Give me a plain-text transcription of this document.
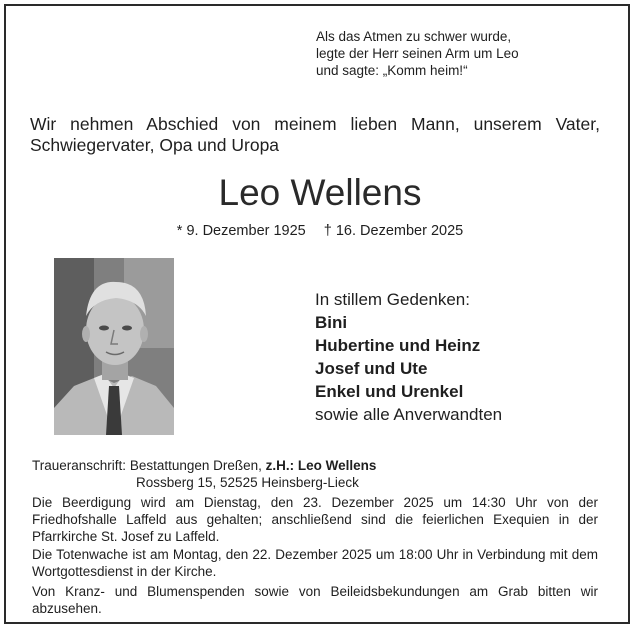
Als das Atmen zu schwer wurde,
legte der Herr seinen Arm um Leo
und sagte: „Komm heim!“
Wir nehmen Abschied von meinem lieben Mann, unserem Vater, Schwiegervater, Opa und Uropa
Leo Wellens
* 9. Dezember 1925 † 16. Dezember 2025
In stillem Gedenken:
Bini
Hubertine und Heinz
Josef und Ute
Enkel und Urenkel
sowie alle Anverwandten
Traueranschrift: Bestattungen Dreßen, z.H.: Leo Wellens
Rossberg 15, 52525 Heinsberg-Lieck
Die Beerdigung wird am Dienstag, den 23. Dezember 2025 um 14:30 Uhr von der Friedhofshalle Laffeld aus gehalten; anschließend sind die feierlichen Exequien in der Pfarrkirche St. Josef zu Laffeld.
Die Totenwache ist am Montag, den 22. Dezember 2025 um 18:00 Uhr in Verbindung mit dem Wortgottesdienst in der Kirche.
Von Kranz- und Blumenspenden sowie von Beileidsbekundungen am Grab bitten wir abzusehen.
